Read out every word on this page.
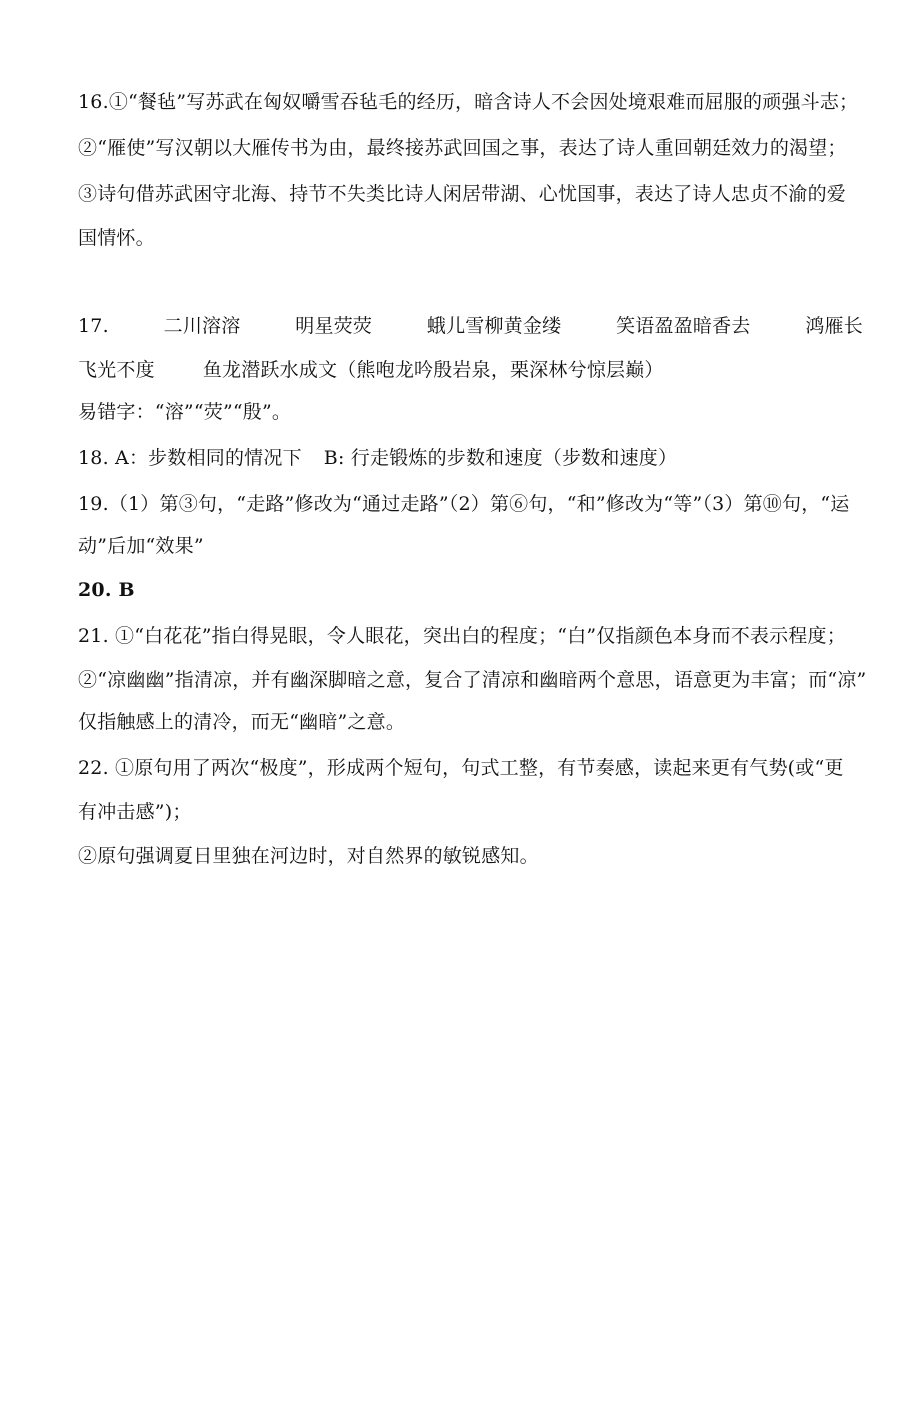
16.①“餐毡”写苏武在匈奴嚼雪吞毡毛的经历，暗含诗人不会因处境艰难而屈服的顽强斗志；
②“雁使”写汉朝以大雁传书为由，最终接苏武回国之事，表达了诗人重回朝廷效力的渴望；
③诗句借苏武困守北海、持节不失类比诗人闲居带湖、心忧国事，表达了诗人忠贞不渝的爱
国情怀。
17.	二川溶溶	明星荧荧	蛾儿雪柳黄金缕	笑语盈盈暗香去	鸿雁长
飞光不度	鱼龙潜跃水成文（熊咆龙吟殷岩泉，栗深林兮惊层巅）
易错字：“溶”“荧”“殷”。
18. A：步数相同的情况下 B: 行走锻炼的步数和速度（步数和速度）
19.（1）第③句，“走路”修改为“通过走路”（2）第⑥句，“和”修改为“等”（3）第⑩句，“运
动”后加“效果”
20. B
21. ①“白花花”指白得晃眼，令人眼花，突出白的程度；“白”仅指颜色本身而不表示程度；
②“凉幽幽”指清凉，并有幽深脚暗之意，复合了清凉和幽暗两个意思，语意更为丰富；而“凉”
仅指触感上的清冷，而无“幽暗”之意。
22. ①原句用了两次“极度”，形成两个短句，句式工整，有节奏感，读起来更有气势(或“更
有冲击感”)；
②原句强调夏日里独在河边时，对自然界的敏锐感知。
